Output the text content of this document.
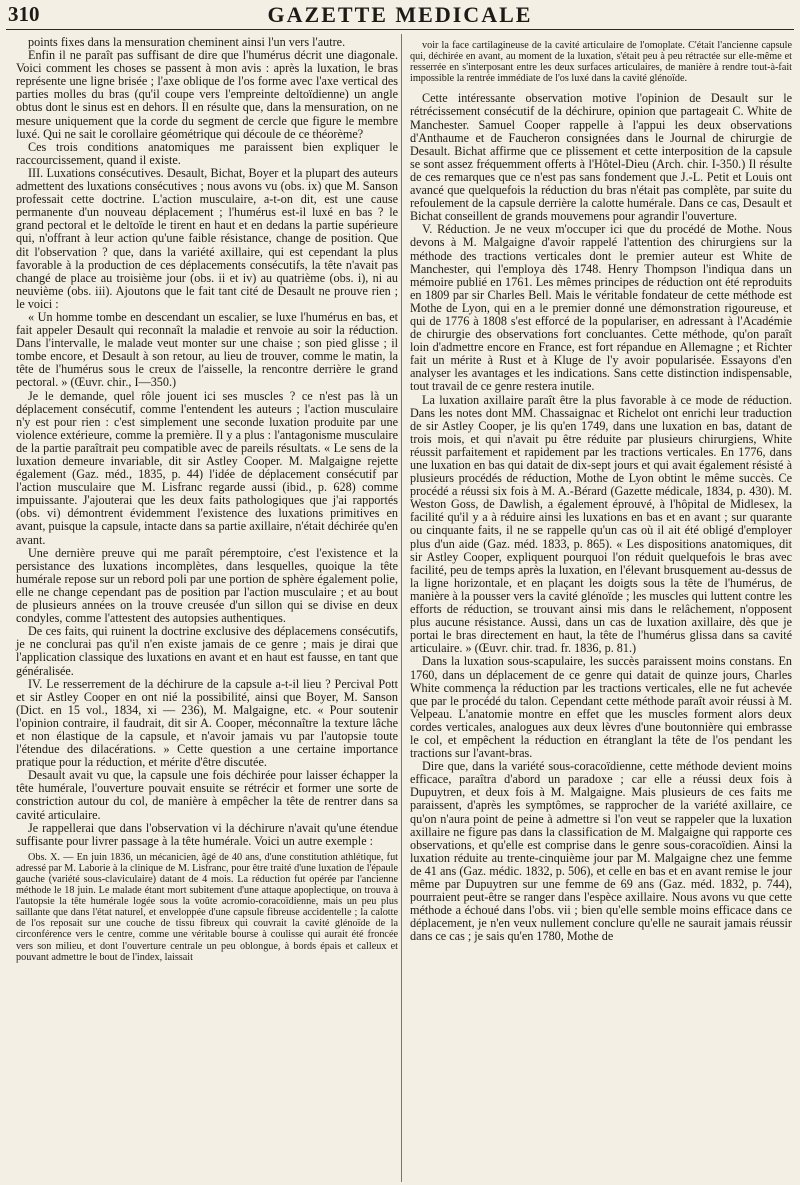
310	GAZETTE MEDICALE

points fixes dans la mensuration cheminent ainsi l'un vers l'autre.

Enfin il ne paraît pas suffisant de dire que l'humérus décrit une diagonale. Voici comment les choses se passent à mon avis : après la luxation, le bras représente une ligne brisée ; l'axe oblique de l'os forme avec l'axe vertical des parties molles du bras (qu'il coupe vers l'empreinte deltoïdienne) un angle obtus dont le sinus est en dehors. Il en résulte que, dans la mensuration, on ne mesure uniquement que la corde du segment de cercle que figure le membre luxé. Qui ne sait le corollaire géométrique qui découle de ce théorème?

Ces trois conditions anatomiques me paraissent bien expliquer le raccourcissement, quand il existe.

III. Luxations consécutives. Desault, Bichat, Boyer et la plupart des auteurs admettent des luxations consécutives ; nous avons vu (obs. ix) que M. Sanson professait cette doctrine. L'action musculaire, a-t-on dit, est une cause permanente d'un nouveau déplacement ; l'humérus est-il luxé en bas ? le grand pectoral et le deltoïde le tirent en haut et en dedans la partie supérieure qui, n'offrant à leur action qu'une faible résistance, change de position. Que dit l'observation ? que, dans la variété axillaire, qui est cependant la plus favorable à la production de ces déplacements consécutifs, la tête n'avait pas changé de place au troisième jour (obs. ii et iv) au quatrième (obs. i), ni au neuvième (obs. iii). Ajoutons que le fait tant cité de Desault ne prouve rien ; le voici :

« Un homme tombe en descendant un escalier, se luxe l'humérus en bas, et fait appeler Desault qui reconnaît la maladie et renvoie au soir la réduction. Dans l'intervalle, le malade veut monter sur une chaise ; son pied glisse ; il tombe encore, et Desault à son retour, au lieu de trouver, comme le matin, la tête de l'humérus sous le creux de l'aisselle, la rencontre derrière le grand pectoral. » (Œuvr. chir., I—350.)

Je le demande, quel rôle jouent ici ses muscles ? ce n'est pas là un déplacement consécutif, comme l'entendent les auteurs ; l'action musculaire n'y est pour rien : c'est simplement une seconde luxation produite par une violence extérieure, comme la première. Il y a plus : l'antagonisme musculaire de la partie paraîtrait peu compatible avec de pareils résultats. « Le sens de la luxation demeure invariable, dit sir Astley Cooper. M. Malgaigne rejette également (Gaz. méd., 1835, p. 44) l'idée de déplacement consécutif par l'action musculaire que M. Lisfranc regarde aussi (ibid., p. 628) comme impuissante. J'ajouterai que les deux faits pathologiques que j'ai rapportés (obs. vi) démontrent évidemment l'existence des luxations primitives en avant, puisque la capsule, intacte dans sa partie axillaire, n'était déchirée qu'en avant.

Une dernière preuve qui me paraît péremptoire, c'est l'existence et la persistance des luxations incomplètes, dans lesquelles, quoique la tête humérale repose sur un rebord poli par une portion de sphère également polie, elle ne change cependant pas de position par l'action musculaire ; et au bout de plusieurs années on la trouve creusée d'un sillon qui se divise en deux condyles, comme l'attestent des autopsies authentiques.

De ces faits, qui ruinent la doctrine exclusive des déplacemens consécutifs, je ne conclurai pas qu'il n'en existe jamais de ce genre ; mais je dirai que l'application classique des luxations en avant et en haut est fausse, en tant que généralisée.

IV. Le resserrement de la déchirure de la capsule a-t-il lieu ? Percival Pott et sir Astley Cooper en ont nié la possibilité, ainsi que Boyer, M. Sanson (Dict. en 15 vol., 1834, xi — 236), M. Malgaigne, etc. « Pour soutenir l'opinion contraire, il faudrait, dit sir A. Cooper, méconnaître la texture lâche et non élastique de la capsule, et n'avoir jamais vu par l'autopsie toute l'étendue des dilacérations. » Cette question a une certaine importance pratique pour la réduction, et mérite d'être discutée.

Desault avait vu que, la capsule une fois déchirée pour laisser échapper la tête humérale, l'ouverture pouvait ensuite se rétrécir et former une sorte de constriction autour du col, de manière à empêcher la tête de rentrer dans sa cavité articulaire.

Je rappellerai que dans l'observation vi la déchirure n'avait qu'une étendue suffisante pour livrer passage à la tête humérale. Voici un autre exemple :

Obs. X. — En juin 1836, un mécanicien, âgé de 40 ans, d'une constitution athlétique, fut adressé par M. Laborie à la clinique de M. Lisfranc, pour être traité d'une luxation de l'épaule gauche (variété sous-claviculaire) datant de 4 mois. La réduction fut opérée par l'ancienne méthode le 18 juin. Le malade étant mort subitement d'une attaque apoplectique, on trouva à l'autopsie la tête humérale logée sous la voûte acromio-coracoïdienne, mais un peu plus saillante que dans l'état naturel, et enveloppée d'une capsule fibreuse accidentelle ; la calotte de l'os reposait sur une couche de tissu fibreux qui couvrait la cavité glénoïde de la circonférence vers le centre, comme une véritable bourse à coulisse qui aurait été froncée vers son milieu, et dont l'ouverture centrale un peu oblongue, à bords épais et calleux et pouvant admettre le bout de l'index, laissait

voir la face cartilagineuse de la cavité articulaire de l'omoplate. C'était l'ancienne capsule qui, déchirée en avant, au moment de la luxation, s'était peu à peu rétractée sur elle-même et resserrée en s'interposant entre les deux surfaces articulaires, de manière à rendre tout-à-fait impossible la rentrée immédiate de l'os luxé dans la cavité glénoïde.

Cette intéressante observation motive l'opinion de Desault sur le rétrécissement consécutif de la déchirure, opinion que partageait C. White de Manchester. Samuel Cooper rappelle à l'appui les deux observations d'Anthaume et de Faucheron consignées dans le Journal de chirurgie de Desault. Bichat affirme que ce plissement et cette interposition de la capsule se sont assez fréquemment offerts à l'Hôtel-Dieu (Arch. chir. I-350.) Il résulte de ces remarques que ce n'est pas sans fondement que J.-L. Petit et Louis ont avancé que quelquefois la réduction du bras n'était pas complète, par suite du refoulement de la capsule derrière la calotte humérale. Dans ce cas, Desault et Bichat conseillent de grands mouvemens pour agrandir l'ouverture.

V. Réduction. Je ne veux m'occuper ici que du procédé de Mothe. Nous devons à M. Malgaigne d'avoir rappelé l'attention des chirurgiens sur la méthode des tractions verticales dont le premier auteur est White de Manchester, qui l'employa dès 1748. Henry Thompson l'indiqua dans un mémoire publié en 1761. Les mêmes principes de réduction ont été reproduits en 1809 par sir Charles Bell. Mais le véritable fondateur de cette méthode est Mothe de Lyon, qui en a le premier donné une démonstration rigoureuse, et qui de 1776 à 1808 s'est efforcé de la populariser, en adressant à l'Académie de chirurgie des observations fort concluantes. Cette méthode, qu'on paraît loin d'admettre encore en France, est fort répandue en Allemagne ; et Richter fait un mérite à Rust et à Kluge de l'y avoir popularisée. Essayons d'en analyser les avantages et les indications. Sans cette distinction indispensable, tout travail de ce genre restera inutile.

La luxation axillaire paraît être la plus favorable à ce mode de réduction. Dans les notes dont MM. Chassaignac et Richelot ont enrichi leur traduction de sir Astley Cooper, je lis qu'en 1749, dans une luxation en bas, datant de trois mois, et qui n'avait pu être réduite par plusieurs chirurgiens, White réussit parfaitement et rapidement par les tractions verticales. En 1776, dans une luxation en bas qui datait de dix-sept jours et qui avait également résisté à plusieurs procédés de réduction, Mothe de Lyon obtint le même succès. Ce procédé a réussi six fois à M. A.-Bérard (Gazette médicale, 1834, p. 430). M. Weston Goss, de Dawlish, a également éprouvé, à l'hôpital de Midlesex, la facilité qu'il y a à réduire ainsi les luxations en bas et en avant ; sur quarante ou cinquante faits, il ne se rappelle qu'un cas où il ait été obligé d'employer plus d'un aide (Gaz. méd. 1833, p. 865). « Les dispositions anatomiques, dit sir Astley Cooper, expliquent pourquoi l'on réduit quelquefois le bras avec facilité, peu de temps après la luxation, en l'élevant brusquement au-dessus de la ligne horizontale, et en plaçant les doigts sous la tête de l'humérus, de manière à la pousser vers la cavité glénoïde ; les muscles qui luttent contre les efforts de réduction, se trouvant ainsi mis dans le relâchement, n'opposent plus aucune résistance. Aussi, dans un cas de luxation axillaire, dès que je portai le bras directement en haut, la tête de l'humérus glissa dans sa cavité articulaire. » (Œuvr. chir. trad. fr. 1836, p. 81.)

Dans la luxation sous-scapulaire, les succès paraissent moins constans. En 1760, dans un déplacement de ce genre qui datait de quinze jours, Charles White commença la réduction par les tractions verticales, elle ne fut achevée que par le procédé du talon. Cependant cette méthode paraît avoir réussi à M. Velpeau. L'anatomie montre en effet que les muscles forment alors deux cordes verticales, analogues aux deux lèvres d'une boutonnière qui embrasse le col, et empêchent la réduction en étranglant la tête de l'os pendant les tractions sur l'avant-bras.

Dire que, dans la variété sous-coracoïdienne, cette méthode devient moins efficace, paraîtra d'abord un paradoxe ; car elle a réussi deux fois à Dupuytren, et deux fois à M. Malgaigne. Mais plusieurs de ces faits me paraissent, d'après les symptômes, se rapprocher de la variété axillaire, ce qu'on n'aura point de peine à admettre si l'on veut se rappeler que la luxation axillaire ne figure pas dans la classification de M. Malgaigne qui rapporte ces observations, et qu'elle est comprise dans le genre sous-coracoïdien. Ainsi la luxation réduite au trente-cinquième jour par M. Malgaigne chez une femme de 41 ans (Gaz. médic. 1832, p. 506), et celle en bas et en avant remise le jour même par Dupuytren sur une femme de 69 ans (Gaz. méd. 1832, p. 744), pourraient peut-être se ranger dans l'espèce axillaire. Nous avons vu que cette méthode a échoué dans l'obs. vii ; bien qu'elle semble moins efficace dans ce déplacement, je n'en veux nullement conclure qu'elle ne saurait jamais réussir dans ce cas ; je sais qu'en 1780, Mothe de
